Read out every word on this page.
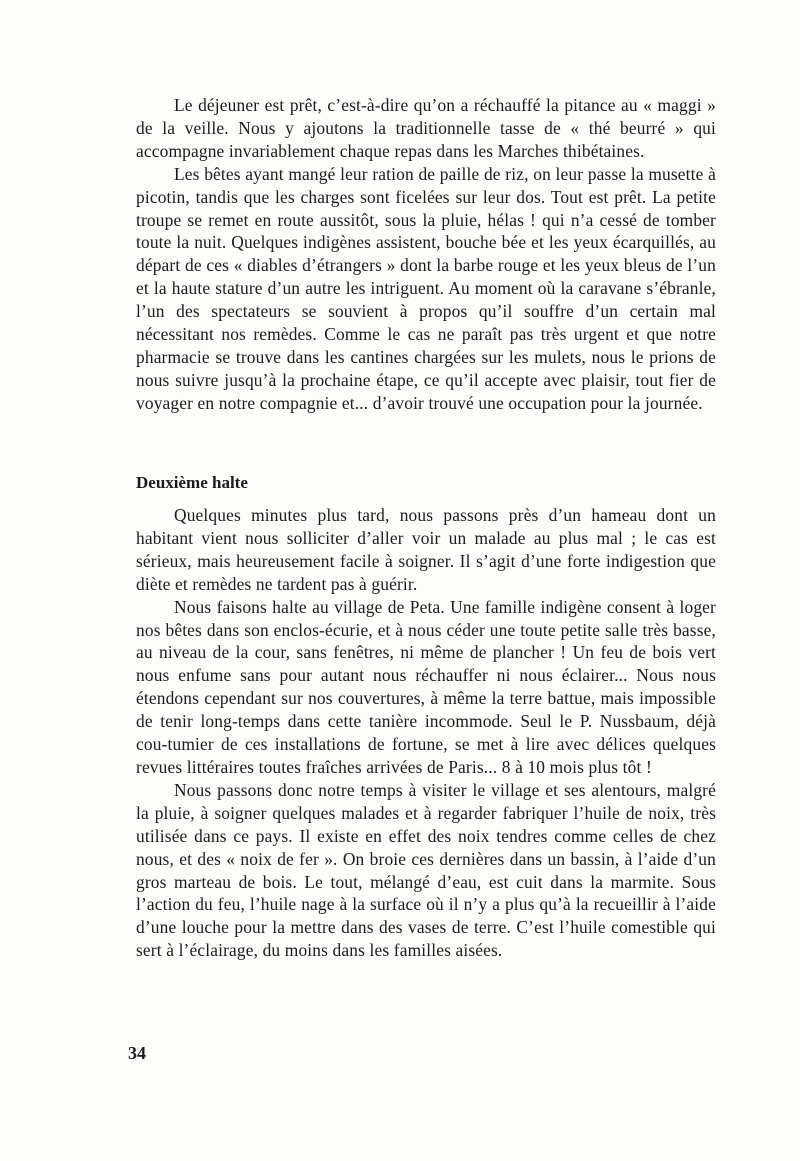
Le déjeuner est prêt, c’est-à-dire qu’on a réchauffé la pitance au « maggi » de la veille. Nous y ajoutons la traditionnelle tasse de « thé beurré » qui accompagne invariablement chaque repas dans les Marches thibétaines.

Les bêtes ayant mangé leur ration de paille de riz, on leur passe la musette à picotin, tandis que les charges sont ficelées sur leur dos. Tout est prêt. La petite troupe se remet en route aussitôt, sous la pluie, hélas ! qui n’a cessé de tomber toute la nuit. Quelques indigènes assistent, bouche bée et les yeux écarquillés, au départ de ces « diables d’étrangers » dont la barbe rouge et les yeux bleus de l’un et la haute stature d’un autre les intriguent. Au moment où la caravane s’ébranle, l’un des spectateurs se souvient à propos qu’il souffre d’un certain mal nécessitant nos remèdes. Comme le cas ne paraît pas très urgent et que notre pharmacie se trouve dans les cantines chargées sur les mulets, nous le prions de nous suivre jusqu’à la prochaine étape, ce qu’il accepte avec plaisir, tout fier de voyager en notre compagnie et... d’avoir trouvé une occupation pour la journée.

Deuxième halte

Quelques minutes plus tard, nous passons près d’un hameau dont un habitant vient nous solliciter d’aller voir un malade au plus mal ; le cas est sérieux, mais heureusement facile à soigner. Il s’agit d’une forte indigestion que diète et remèdes ne tardent pas à guérir.

Nous faisons halte au village de Peta. Une famille indigène consent à loger nos bêtes dans son enclos-écurie, et à nous céder une toute petite salle très basse, au niveau de la cour, sans fenêtres, ni même de plancher ! Un feu de bois vert nous enfume sans pour autant nous réchauffer ni nous éclairer... Nous nous étendons cependant sur nos couvertures, à même la terre battue, mais impossible de tenir long-temps dans cette tanière incommode. Seul le P. Nussbaum, déjà cou-tumier de ces installations de fortune, se met à lire avec délices quelques revues littéraires toutes fraîches arrivées de Paris... 8 à 10 mois plus tôt !

Nous passons donc notre temps à visiter le village et ses alentours, malgré la pluie, à soigner quelques malades et à regarder fabriquer l’huile de noix, très utilisée dans ce pays. Il existe en effet des noix tendres comme celles de chez nous, et des « noix de fer ». On broie ces dernières dans un bassin, à l’aide d’un gros marteau de bois. Le tout, mélangé d’eau, est cuit dans la marmite. Sous l’action du feu, l’huile nage à la surface où il n’y a plus qu’à la recueillir à l’aide d’une louche pour la mettre dans des vases de terre. C’est l’huile comestible qui sert à l’éclairage, du moins dans les familles aisées.

34
